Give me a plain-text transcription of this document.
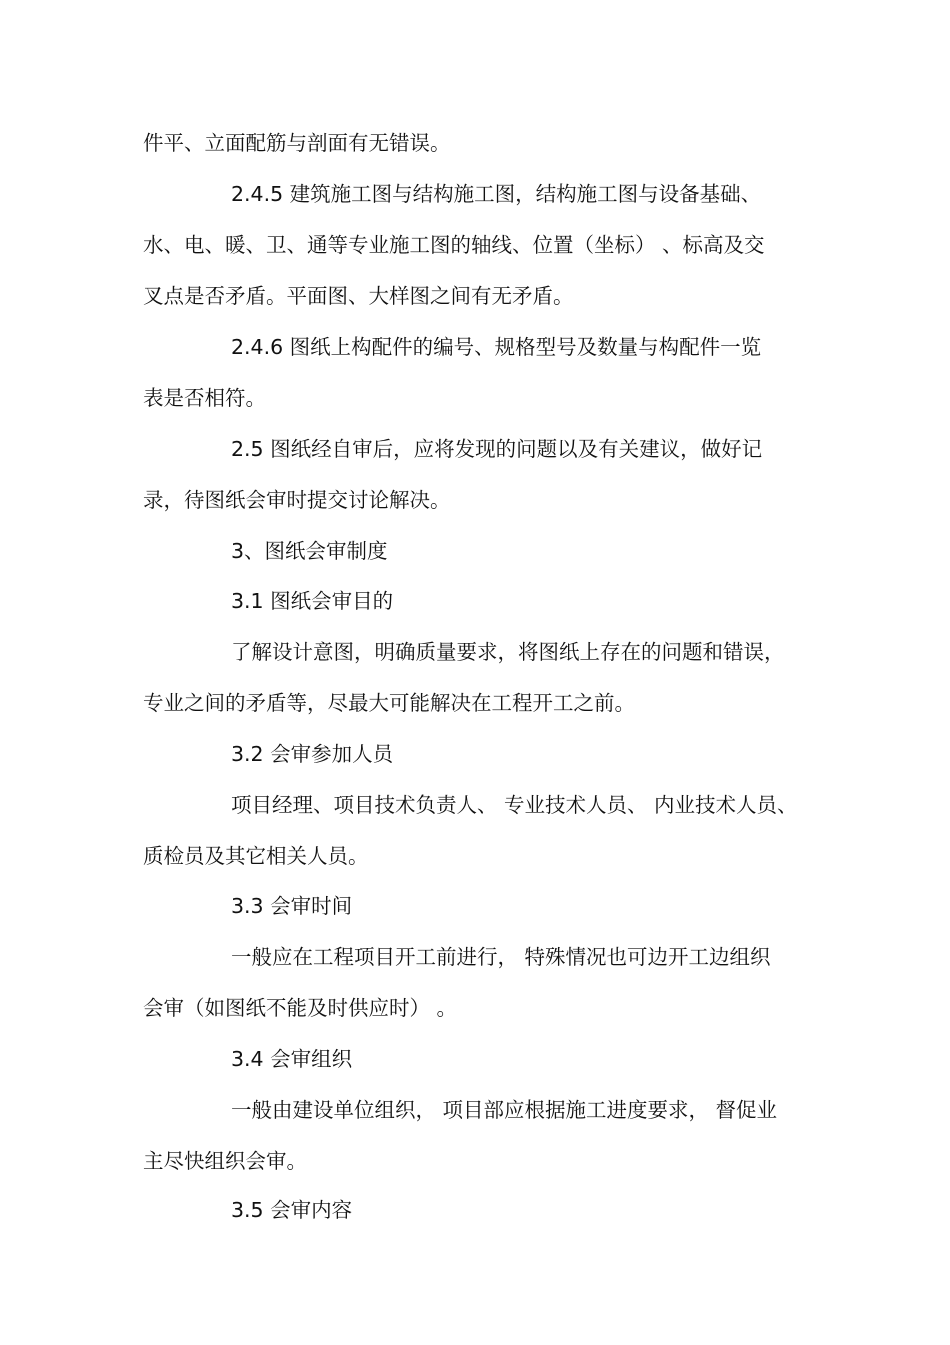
件平、立面配筋与剖面有无错误。
2.4.5 建筑施工图与结构施工图，结构施工图与设备基础、
水、电、暖、卫、通等专业施工图的轴线、位置（坐标） 、标高及交
叉点是否矛盾。平面图、大样图之间有无矛盾。
2.4.6 图纸上构配件的编号、规格型号及数量与构配件一览
表是否相符。
2.5 图纸经自审后，应将发现的问题以及有关建议，做好记
录，待图纸会审时提交讨论解决。
3、图纸会审制度
3.1 图纸会审目的
了解设计意图，明确质量要求，将图纸上存在的问题和错误，
专业之间的矛盾等，尽最大可能解决在工程开工之前。
3.2 会审参加人员
项目经理、项目技术负责人、 专业技术人员、 内业技术人员、
质检员及其它相关人员。
3.3 会审时间
一般应在工程项目开工前进行， 特殊情况也可边开工边组织
会审（如图纸不能及时供应时） 。
3.4 会审组织
一般由建设单位组织， 项目部应根据施工进度要求， 督促业
主尽快组织会审。
3.5 会审内容
